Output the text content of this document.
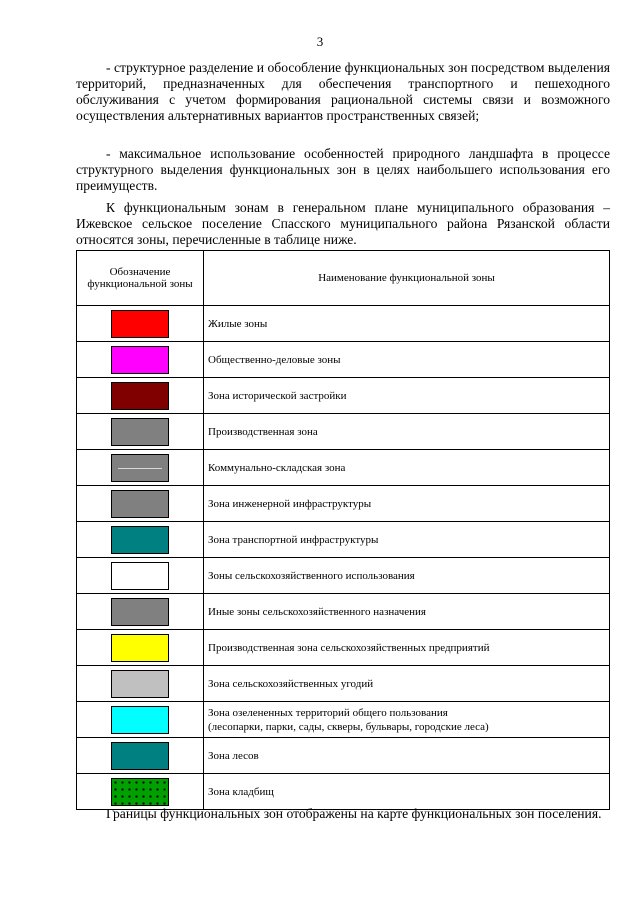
3

- структурное разделение и обособление функциональных зон посредством выделения территорий, предназначенных для обеспечения транспортного и пешеходного обслуживания с учетом формирования рациональной системы связи и возможного осуществления альтернативных вариантов пространственных связей;

- максимальное использование особенностей природного ландшафта в процессе структурного выделения функциональных зон в целях наибольшего использования его преимуществ.

К функциональным зонам в генеральном плане муниципального образования – Ижевское сельское поселение Спасского муниципального района Рязанской области относятся зоны, перечисленные в таблице ниже.

Обозначение функциональной зоны	Наименование функциональной зоны
	Жилые зоны
	Общественно-деловые зоны
	Зона исторической застройки
	Производственная зона
	Коммунально-складская зона
	Зона инженерной инфраструктуры
	Зона транспортной инфраструктуры
	Зоны сельскохозяйственного использования
	Иные зоны сельскохозяйственного назначения
	Производственная зона сельскохозяйственных предприятий
	Зона сельскохозяйственных угодий
	Зона озелененных территорий общего пользования
(лесопарки, парки, сады, скверы, бульвары, городские леса)
	Зона лесов
	Зона кладбищ

Границы функциональных зон отображены на карте функциональных зон поселения.
